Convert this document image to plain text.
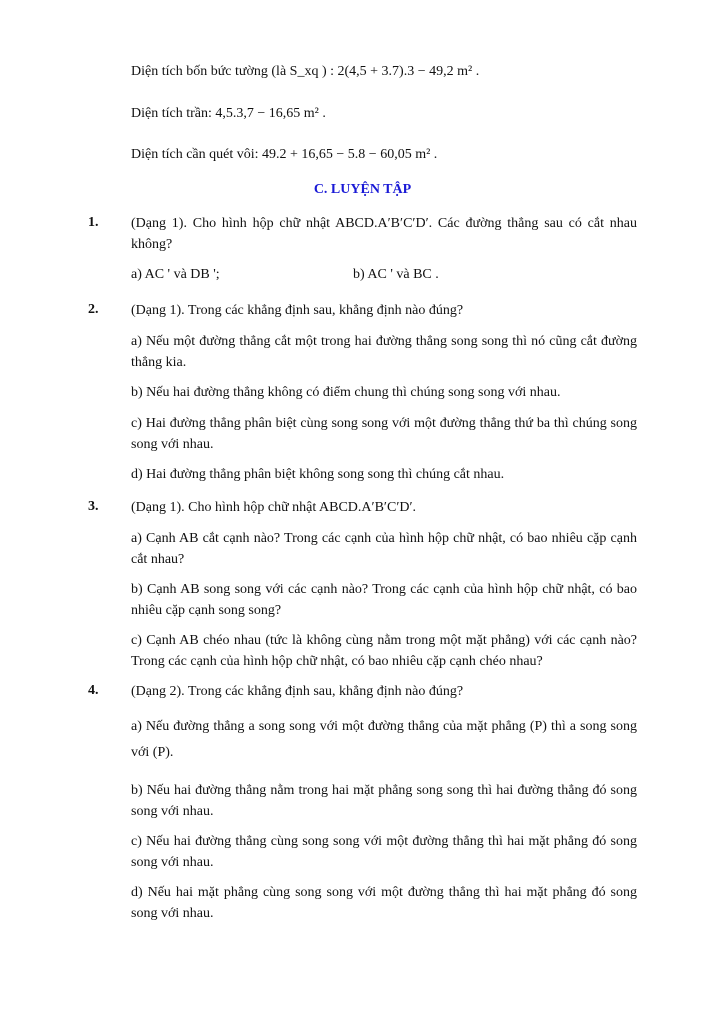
Diện tích bốn bức tường (là S_xq ) : 2(4,5 + 3.7).3 − 49,2 m² .
Diện tích trần: 4,5.3,7 − 16,65 m² .
Diện tích cần quét vôi: 49.2 + 16,65 − 5.8 − 60,05 m² .
C. LUYỆN TẬP
1. (Dạng 1). Cho hình hộp chữ nhật ABCD.A′B′C′D′. Các đường thẳng sau có cắt nhau không?
a) AC ' và DB ';	b) AC ' và BC .
2. (Dạng 1). Trong các khẳng định sau, khẳng định nào đúng?
a) Nếu một đường thẳng cắt một trong hai đường thẳng song song thì nó cũng cắt đường thẳng kia.
b) Nếu hai đường thẳng không có điểm chung thì chúng song song với nhau.
c) Hai đường thẳng phân biệt cùng song song với một đường thẳng thứ ba thì chúng song song với nhau.
d) Hai đường thẳng phân biệt không song song thì chúng cắt nhau.
3. (Dạng 1). Cho hình hộp chữ nhật ABCD.A′B′C′D′.
a) Cạnh AB cắt cạnh nào? Trong các cạnh của hình hộp chữ nhật, có bao nhiêu cặp cạnh cắt nhau?
b) Cạnh AB song song với các cạnh nào? Trong các cạnh của hình hộp chữ nhật, có bao nhiêu cặp cạnh song song?
c) Cạnh AB chéo nhau (tức là không cùng nằm trong một mặt phẳng) với các cạnh nào? Trong các cạnh của hình hộp chữ nhật, có bao nhiêu cặp cạnh chéo nhau?
4. (Dạng 2). Trong các khẳng định sau, khẳng định nào đúng?
a) Nếu đường thẳng a song song với một đường thẳng của mặt phẳng (P) thì a song song với (P).
b) Nếu hai đường thẳng nằm trong hai mặt phẳng song song thì hai đường thẳng đó song song với nhau.
c) Nếu hai đường thẳng cùng song song với một đường thẳng thì hai mặt phẳng đó song song với nhau.
d) Nếu hai mặt phẳng cùng song song với một đường thẳng thì hai mặt phẳng đó song song với nhau.
